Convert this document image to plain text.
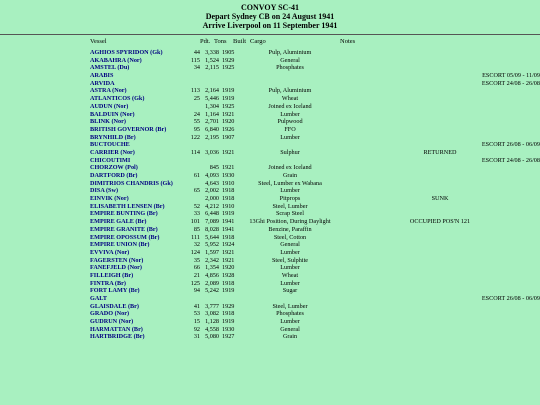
CONVOY SC-41
Depart Sydney CB on 24 August 1941
Arrive Liverpool on 11 September 1941
Vessel	Pdt. Tons Built Cargo	Notes
AGHIOS SPYRIDON (Gk)	44 3,338 1905	Pulp, Aluminium
AKABAHRA (Nor)	115 1,524 1929	General
AMSTEL (Du)	34 2,115 1925	Phosphates
ARABIS	ESCORT 05/09 - 11/09
ARVIDA	ESCORT 24/08 - 26/08
ASTRA (Nor)	113 2,164 1919	Pulp, Aluminium
ATLANTICOS (Gk)	25 5,446 1919	Wheat
AUDUN (Nor)	1,304 1925	Joined ex Iceland
BALDUIN (Nor)	24 1,164 1921	Lumber
BLINK (Nor)	55 2,701 1920	Pulpwood
BRITISH GOVERNOR (Br)	95 6,840 1926	FFO
BRYNHILD (Br)	122 2,195 1907	Lumber
BUCTOUCHE	ESCORT 26/08 - 06/09
CARRIER (Nor)	114 3,036 1921	Sulphur	RETURNED
CHICOUTIMI	ESCORT 24/08 - 26/08
CHORZOW (Pol)	845 1921	Joined ex Iceland
DARTFORD (Br)	61 4,093 1930	Grain
DIMITRIOS CHANDRIS (Gk)	4,643 1910	Steel, Lumber ex Wabana
DISA (Sw)	65 2,002 1918	Lumber
EINVIK (Nor)	2,000 1918	Pitprops	SUNK
ELISABETH LENSEN (Br)	52 4,212 1910	Steel, Lumber
EMPIRE BUNTING (Br)	33 6,448 1919	Scrap Steel
EMPIRE GALE (Br)	101 7,089 1941	13Ghi Position, During Daylight	OCCUPIED POS'N 121
EMPIRE GRANITE (Br)	85 8,028 1941	Benzine, Paraffin
EMPIRE OPOSSUM (Br)	111 5,644 1918	Steel, Cotton
EMPIRE UNION (Br)	32 5,952 1924	General
EVVIVA (Nor)	124 1,597 1921	Lumber
FAGERSTEN (Nor)	35 2,342 1921	Steel, Sulphite
FANEFJELD (Nor)	66 1,354 1920	Lumber
FILLEIGH (Br)	21 4,856 1928	Wheat
FINTRA (Br)	125 2,089 1918	Lumber
FORT LAMY (Br)	94 5,242 1919	Sugar
GALT	ESCORT 26/08 - 06/09
GLAISDALE (Br)	41 3,777 1929	Steel, Lumber
GRADO (Nor)	53 3,082 1918	Phosphates
GUDRUN (Nor)	15 1,128 1919	Lumber
HARMATTAN (Br)	92 4,558 1930	General
HARTBRIDGE (Br)	31 5,080 1927	Grain
